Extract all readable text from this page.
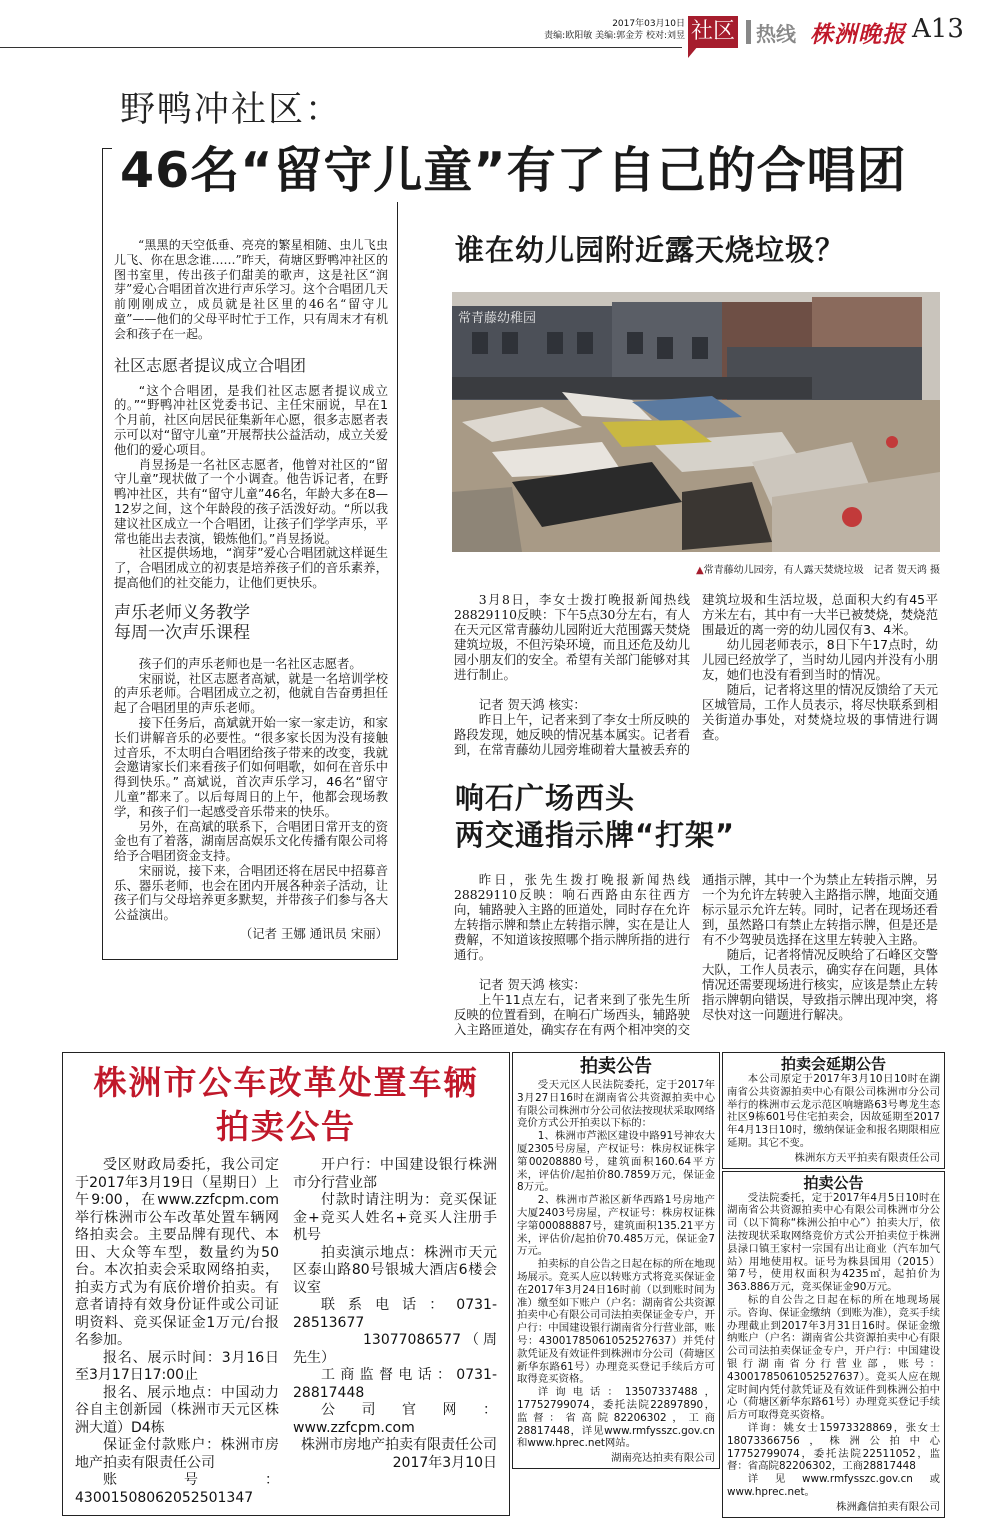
2017年03月10日
责编:欧阳敏 美编:郭金芳 校对:刘昱 社区 热线 株洲晚报 A13
野鸭冲社区：
46名“留守儿童”有了自己的合唱团

“黑黑的天空低垂、亮亮的繁星相随、虫儿飞虫儿飞、你在思念谁……”昨天，荷塘区野鸭冲社区的图书室里，传出孩子们甜美的歌声，这是社区“润芽”爱心合唱团首次进行声乐学习。这个合唱团几天前刚刚成立，成员就是社区里的46名“留守儿童”——他们的父母平时忙于工作，只有周末才有机会和孩子在一起。

社区志愿者提议成立合唱团

“这个合唱团，是我们社区志愿者提议成立的。”“野鸭冲社区党委书记、主任宋丽说，早在1个月前，社区向居民征集新年心愿，很多志愿者表示可以对“留守儿童”开展帮扶公益活动，成立关爱他们的爱心项目。

肖昱扬是一名社区志愿者，他曾对社区的“留守儿童”现状做了一个小调查。他告诉记者，在野鸭冲社区，共有“留守儿童”46名，年龄大多在8—12岁之间，这个年龄段的孩子活泼好动。“所以我建议社区成立一个合唱团，让孩子们学学声乐，平常也能出去表演，锻炼他们。”肖昱扬说。

社区提供场地，“润芽”爱心合唱团就这样诞生了，合唱团成立的初衷是培养孩子们的音乐素养，提高他们的社交能力，让他们更快乐。

声乐老师义务教学
每周一次声乐课程

孩子们的声乐老师也是一名社区志愿者。

宋丽说，社区志愿者高斌，就是一名培训学校的声乐老师。合唱团成立之初，他就自告奋勇担任起了合唱团里的声乐老师。

接下任务后，高斌就开始一家一家走访，和家长们讲解音乐的必要性。“很多家长因为没有接触过音乐，不太明白合唱团给孩子带来的改变，我就会邀请家长们来看孩子们如何唱歌，如何在音乐中得到快乐。” 高斌说，首次声乐学习，46名“留守儿童”都来了。以后每周日的上午，他都会现场教学，和孩子们一起感受音乐带来的快乐。

另外，在高斌的联系下，合唱团日常开支的资金也有了着落，湖南居高娱乐文化传播有限公司将给予合唱团资金支持。

宋丽说，接下来，合唱团还将在居民中招募音乐、器乐老师，也会在团内开展各种亲子活动，让孩子们与父母培养更多默契，并带孩子们参与各大公益演出。

（记者 王娜 通讯员 宋丽）

谁在幼儿园附近露天烧垃圾？
常青藤幼稚园
▲常青藤幼儿园旁，有人露天焚烧垃圾　记者 贺天鸿 摄

3月8日，李女士拨打晚报新闻热线28829110反映：下午5点30分左右，有人在天元区常青藤幼儿园附近大范围露天焚烧建筑垃圾，不但污染环境，而且还危及幼儿园小朋友们的安全。希望有关部门能够对其进行制止。

记者 贺天鸿 核实：

昨日上午，记者来到了李女士所反映的路段发现，她反映的情况基本属实。记者看到，在常青藤幼儿园旁堆砌着大量被丢弃的建筑垃圾和生活垃圾，总面积大约有45平方米左右，其中有一大半已被焚烧，焚烧范围最近的离一旁的幼儿园仅有3、4米。

幼儿园老师表示，8日下午17点时，幼儿园已经放学了，当时幼儿园内并没有小朋友，她们也没有看到当时的情况。

随后，记者将这里的情况反馈给了天元区城管局，工作人员表示，将尽快联系到相关街道办事处，对焚烧垃圾的事情进行调查。

响石广场西头
两交通指示牌“打架”

昨日，张先生拨打晚报新闻热线28829110反映：响石西路由东往西方向，辅路驶入主路的匝道处，同时存在允许左转指示牌和禁止左转指示牌，实在是让人费解，不知道该按照哪个指示牌所指的进行通行。

记者 贺天鸿 核实：

上午11点左右，记者来到了张先生所反映的位置看到，在响石广场西头，辅路驶入主路匝道处，确实存在有两个相冲突的交通指示牌，其中一个为禁止左转指示牌，另一个为允许左转驶入主路指示牌，地面交通标示显示允许左转。同时，记者在现场还看到，虽然路口有禁止左转指示牌，但是还是有不少驾驶员选择在这里左转驶入主路。

随后，记者将情况反映给了石峰区交警大队，工作人员表示，确实存在问题，具体情况还需要现场进行核实，应该是禁止左转指示牌朝向错误，导致指示牌出现冲突，将尽快对这一问题进行解决。

株洲市公车改革处置车辆
拍卖公告

受区财政局委托，我公司定于2017年3月19日（星期日）上午9:00，在www.zzfcpm.com举行株洲市公车改革处置车辆网络拍卖会。主要品牌有现代、本田、大众等车型，数量约为50台。本次拍卖会采取网络拍卖，拍卖方式为有底价增价拍卖。有意者请持有效身份证件或公司证明资料、竞买保证金1万元/台报名参加。

报名、展示时间：3月16日至3月17日17:00止

报名、展示地点：中国动力谷自主创新园（株洲市天元区株洲大道）D4栋

保证金付款账户：株洲市房地产拍卖有限责任公司

账号：43001508062052501347

开户行：中国建设银行株洲市分行营业部

付款时请注明为：竞买保证金+竞买人姓名+竞买人注册手机号

拍卖演示地点：株洲市天元区泰山路80号银城大酒店6楼会议室

联系电话：0731-28513677

13077086577（周先生）

工商监督电话：0731-28817448

公司官网：www.zzfcpm.com

株洲市房地产拍卖有限责任公司

2017年3月10日

拍卖公告

受天元区人民法院委托，定于2017年3月27日16时在湖南省公共资源拍卖中心有限公司株洲市分公司依法按现状采取网络竞价方式公开拍卖以下标的：

1、株洲市芦淞区建设中路91号神农大厦2305号房屋，产权证号：株房权证株字第00208880号，建筑面积160.64平方米，评估价/起拍价80.7859万元，保证金8万元。

2、株洲市芦淞区新华西路1号房地产大厦2403号房屋，产权证号：株房权证株字第00088887号，建筑面积135.21平方米，评估价/起拍价70.485万元，保证金7万元。

拍卖标的自公告之日起在标的所在地现场展示。竞买人应以转账方式将竞买保证金在2017年3月24日16时前（以到账时间为准）缴至如下账户（户名：湖南省公共资源拍卖中心有限公司司法拍卖保证金专户，开户行：中国建设银行湖南省分行营业部，账号：43001785061052527637）并凭付款凭证及有效证件到株洲市分公司（荷塘区新华东路61号）办理竞买登记手续后方可取得竞买资格。

详询电话：13507337488，17752799074，委托法院22897890，监督：省高院82206302，工商28817448，详见www.rmfysszc.gov.cn和www.hprec.net网站。

湖南亮达拍卖有限公司

拍卖会延期公告

本公司原定于2017年3月10日10时在湖南省公共资源拍卖中心有限公司株洲市分公司举行的株洲市云龙示范区响塘路63号粤龙生态社区9栋601号住宅拍卖会，因故延期至2017年4月13日10时，缴纳保证金和报名期限相应延期。其它不变。

株洲东方天平拍卖有限责任公司

拍卖公告

受法院委托，定于2017年4月5日10时在湖南省公共资源拍卖中心有限公司株洲市分公司（以下简称“株洲公拍中心”）拍卖大厅，依法按现状采取网络竞价方式公开拍卖位于株洲县渌口镇王家村一宗国有出让商业（汽车加气站）用地使用权。证号为株县国用（2015）第7号，使用权面积为4235㎡，起拍价为363.886万元，竞买保证金90万元。

标的自公告之日起在标的所在地现场展示。咨询、保证金缴纳（到账为准），竞买手续办理截止到2017年3月31日16时。保证金缴纳账户（户名：湖南省公共资源拍卖中心有限公司司法拍卖保证金专户，开户行：中国建设银行湖南省分行营业部，账号：43001785061052527637）。竞买人应在规定时间内凭付款凭证及有效证件到株洲公拍中心（荷塘区新华东路61号）办理竞买登记手续后方可取得竞买资格。

详询：姚女士15973328869，张女士18073366756，株洲公拍中心17752799074，委托法院22511052，监督：省高院82206302，工商28817448

详见www.rmfysszc.gov.cn或www.hprec.net。

株洲鑫信拍卖有限公司
